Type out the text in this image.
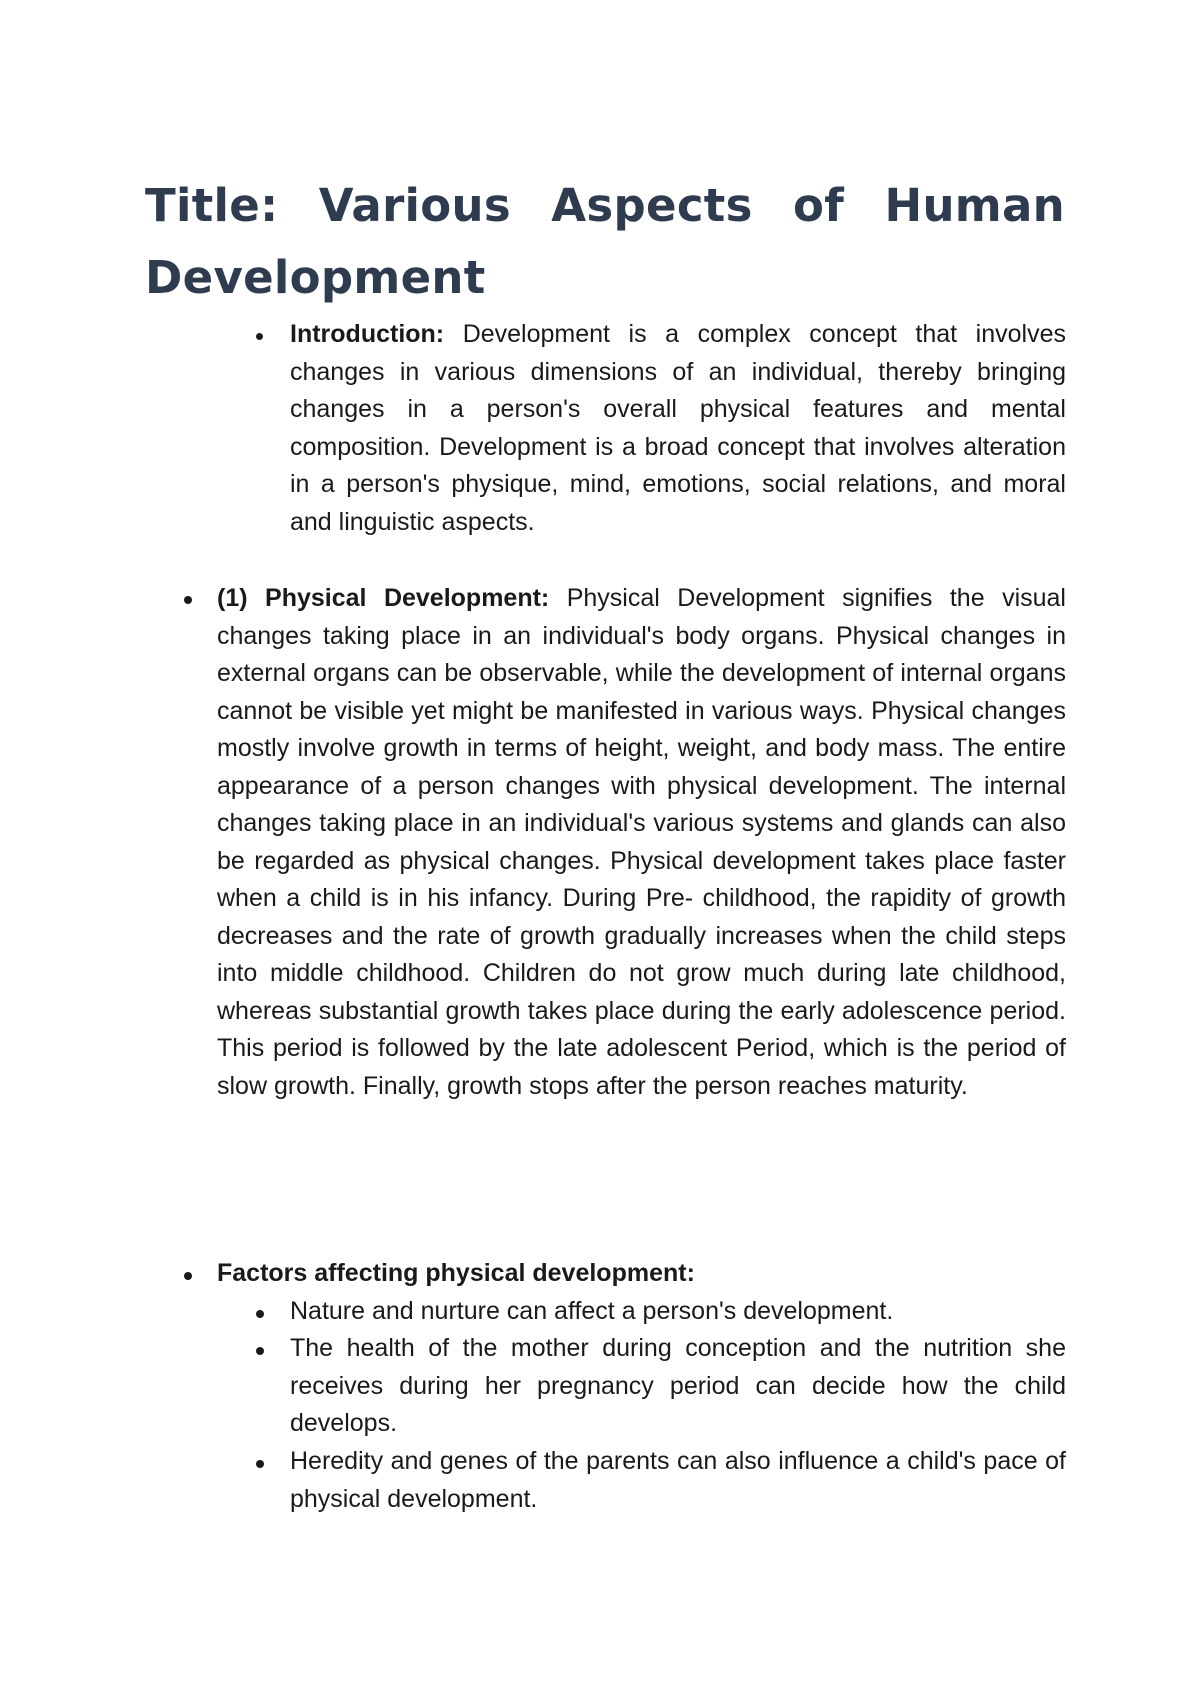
Title: Various Aspects of Human Development

Introduction: Development is a complex concept that involves changes in various dimensions of an individual, thereby bringing changes in a person's overall physical features and mental composition. Development is a broad concept that involves alteration in a person's physique, mind, emotions, social relations, and moral and linguistic aspects.

(1) Physical Development: Physical Development signifies the visual changes taking place in an individual's body organs. Physical changes in external organs can be observable, while the development of internal organs cannot be visible yet might be manifested in various ways. Physical changes mostly involve growth in terms of height, weight, and body mass. The entire appearance of a person changes with physical development. The internal changes taking place in an individual's various systems and glands can also be regarded as physical changes. Physical development takes place faster when a child is in his infancy. During Pre- childhood, the rapidity of growth decreases and the rate of growth gradually increases when the child steps into middle childhood. Children do not grow much during late childhood, whereas substantial growth takes place during the early adolescence period. This period is followed by the late adolescent Period, which is the period of slow growth. Finally, growth stops after the person reaches maturity.

Factors affecting physical development:

Nature and nurture can affect a person's development.

The health of the mother during conception and the nutrition she receives during her pregnancy period can decide how the child develops.

Heredity and genes of the parents can also influence a child's pace of physical development.
